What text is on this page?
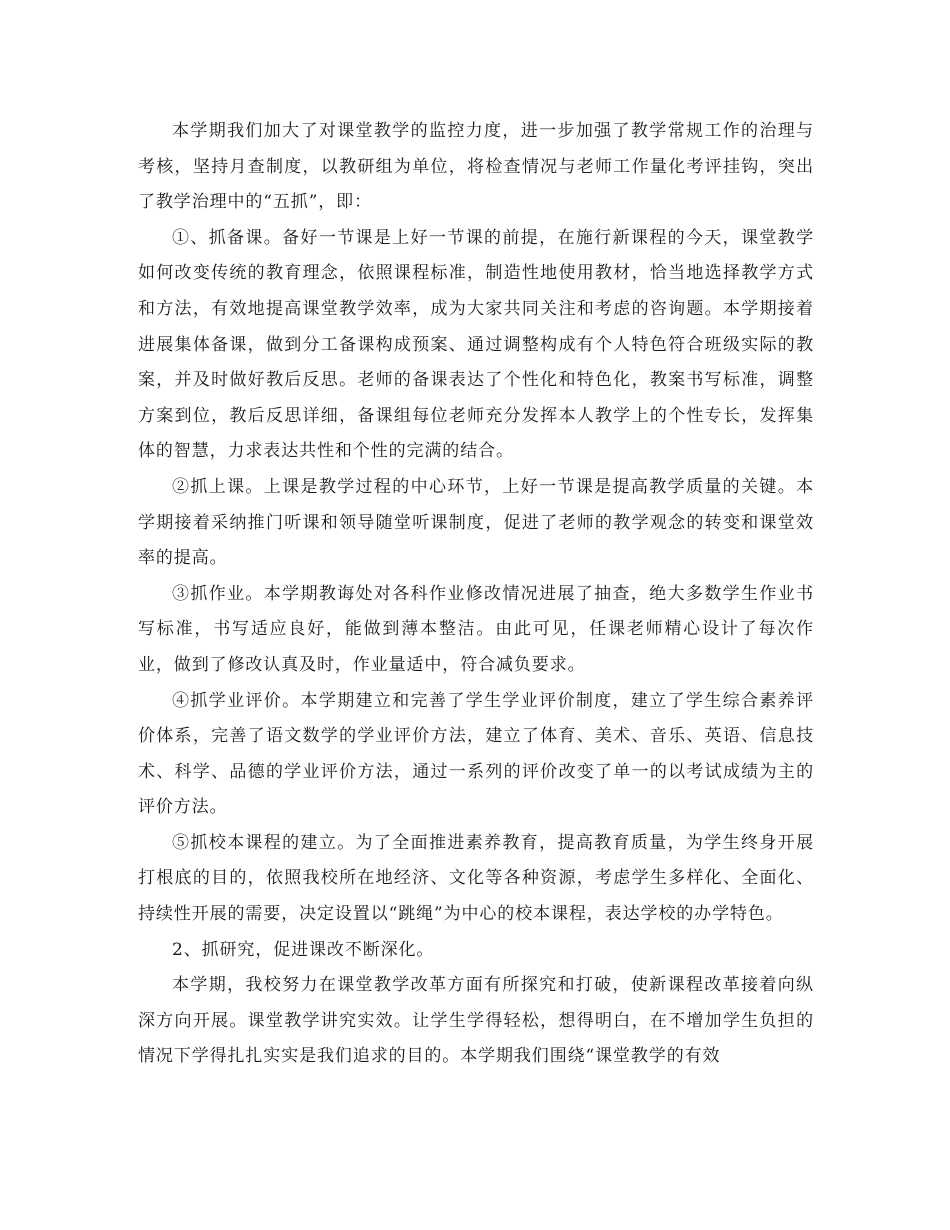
本学期我们加大了对课堂教学的监控力度，进一步加强了教学常规工作的治理与考核，坚持月查制度，以教研组为单位，将检查情况与老师工作量化考评挂钩，突出了教学治理中的“五抓”，即：

①、抓备课。备好一节课是上好一节课的前提，在施行新课程的今天，课堂教学如何改变传统的教育理念，依照课程标准，制造性地使用教材，恰当地选择教学方式和方法，有效地提高课堂教学效率，成为大家共同关注和考虑的咨询题。本学期接着进展集体备课，做到分工备课构成预案、通过调整构成有个人特色符合班级实际的教案，并及时做好教后反思。老师的备课表达了个性化和特色化，教案书写标准，调整方案到位，教后反思详细，备课组每位老师充分发挥本人教学上的个性专长，发挥集体的智慧，力求表达共性和个性的完满的结合。

②抓上课。上课是教学过程的中心环节，上好一节课是提高教学质量的关键。本学期接着采纳推门听课和领导随堂听课制度，促进了老师的教学观念的转变和课堂效率的提高。

③抓作业。本学期教诲处对各科作业修改情况进展了抽查，绝大多数学生作业书写标准，书写适应良好，能做到薄本整洁。由此可见，任课老师精心设计了每次作业，做到了修改认真及时，作业量适中，符合减负要求。

④抓学业评价。本学期建立和完善了学生学业评价制度，建立了学生综合素养评价体系，完善了语文数学的学业评价方法，建立了体育、美术、音乐、英语、信息技术、科学、品德的学业评价方法，通过一系列的评价改变了单一的以考试成绩为主的评价方法。

⑤抓校本课程的建立。为了全面推进素养教育，提高教育质量，为学生终身开展打根底的目的，依照我校所在地经济、文化等各种资源，考虑学生多样化、全面化、持续性开展的需要，决定设置以“跳绳”为中心的校本课程，表达学校的办学特色。

2、抓研究，促进课改不断深化。

本学期，我校努力在课堂教学改革方面有所探究和打破，使新课程改革接着向纵深方向开展。课堂教学讲究实效。让学生学得轻松，想得明白，在不增加学生负担的情况下学得扎扎实实是我们追求的目的。本学期我们围绕“课堂教学的有效
